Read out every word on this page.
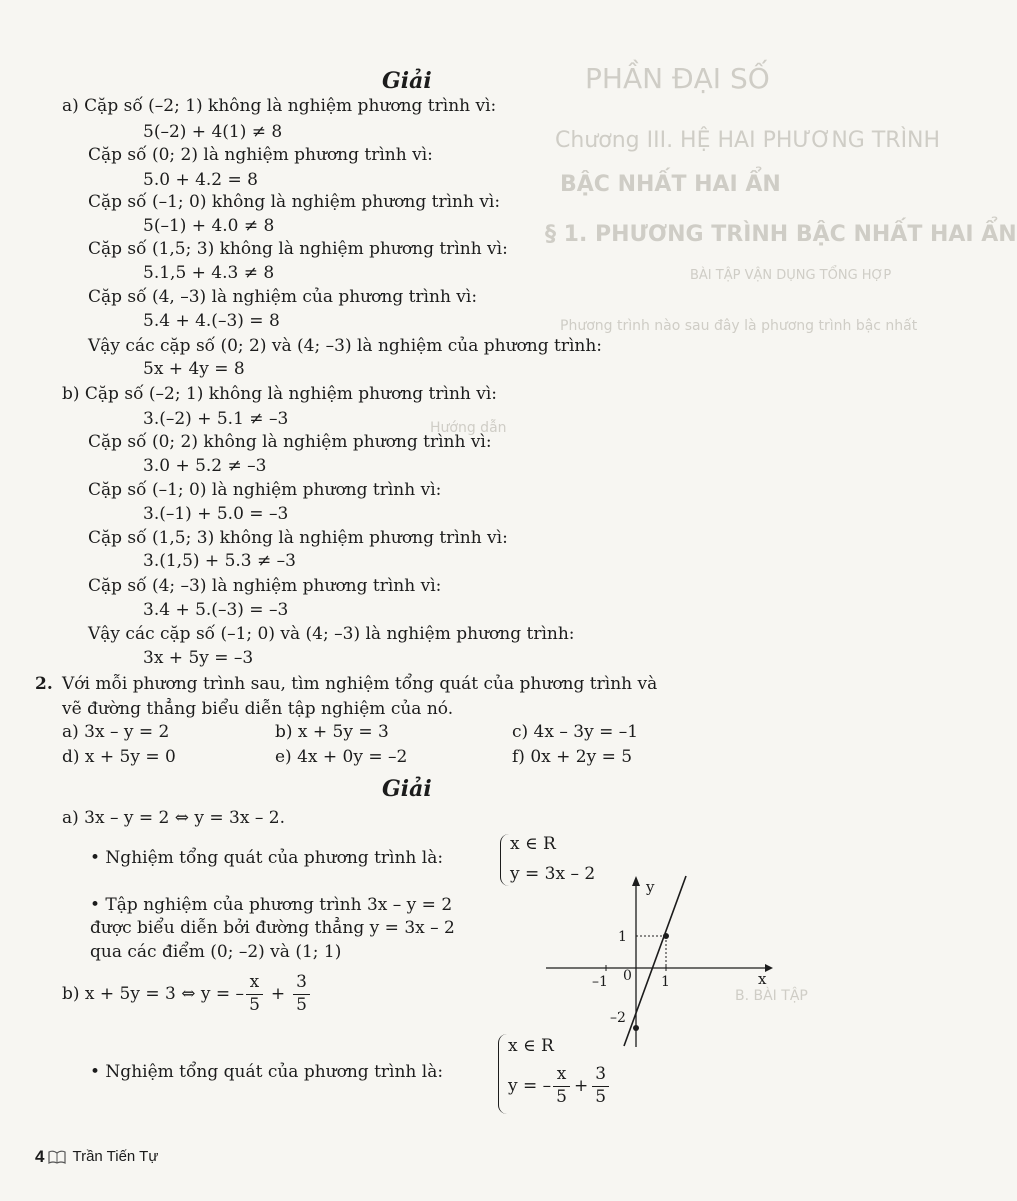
PHẦN ĐẠI SỐ
Chương III. HỆ HAI PHƯƠNG TRÌNH
BẬC NHẤT HAI ẨN
§ 1. PHƯƠNG TRÌNH BẬC NHẤT HAI ẨN
BÀI TẬP VẬN DỤNG TỔNG HỢP
Hướng dẫn
Phương trình nào sau đây là phương trình bậc nhất
B. BÀI TẬP
Giải
a) Cặp số (–2; 1) không là nghiệm phương trình vì:
5(–2) + 4(1) ≠ 8
Cặp số (0; 2) là nghiệm phương trình vì:
5.0 + 4.2 = 8
Cặp số (–1; 0) không là nghiệm phương trình vì:
5(–1) + 4.0 ≠ 8
Cặp số (1,5; 3) không là nghiệm phương trình vì:
5.1,5 + 4.3 ≠ 8
Cặp số (4, –3) là nghiệm của phương trình vì:
5.4 + 4.(–3) = 8
Vậy các cặp số (0; 2) và (4; –3) là nghiệm của phương trình:
5x + 4y = 8
b) Cặp số (–2; 1) không là nghiệm phương trình vì:
3.(–2) + 5.1 ≠ –3
Cặp số (0; 2) không là nghiệm phương trình vì:
3.0 + 5.2 ≠ –3
Cặp số (–1; 0) là nghiệm phương trình vì:
3.(–1) + 5.0 = –3
Cặp số (1,5; 3) không là nghiệm phương trình vì:
3.(1,5) + 5.3 ≠ –3
Cặp số (4; –3) là nghiệm phương trình vì:
3.4 + 5.(–3) = –3
Vậy các cặp số (–1; 0) và (4; –3) là nghiệm phương trình:
3x + 5y = –3
2. Với mỗi phương trình sau, tìm nghiệm tổng quát của phương trình và
vẽ đường thẳng biểu diễn tập nghiệm của nó.
a) 3x – y = 2	b) x + 5y = 3	c) 4x – 3y = –1
d) x + 5y = 0	e) 4x + 0y = –2	f) 0x + 2y = 5
Giải
a) 3x – y = 2 ⇔ y = 3x – 2.
• Nghiệm tổng quát của phương trình là:
x ∈ R
y = 3x – 2
• Tập nghiệm của phương trình 3x – y = 2
được biểu diễn bởi đường thẳng y = 3x – 2
qua các điểm (0; –2) và (1; 1)
x
y
–1 0 1
1
–2
b) x + 5y = 3 ⇔ y = – $\frac{x}{5} + \frac{3}{5}$
• Nghiệm tổng quát của phương trình là:
x ∈ R
y = – $\frac{x}{5} + \frac{3}{5}$
4 Trần Tiến Tự
